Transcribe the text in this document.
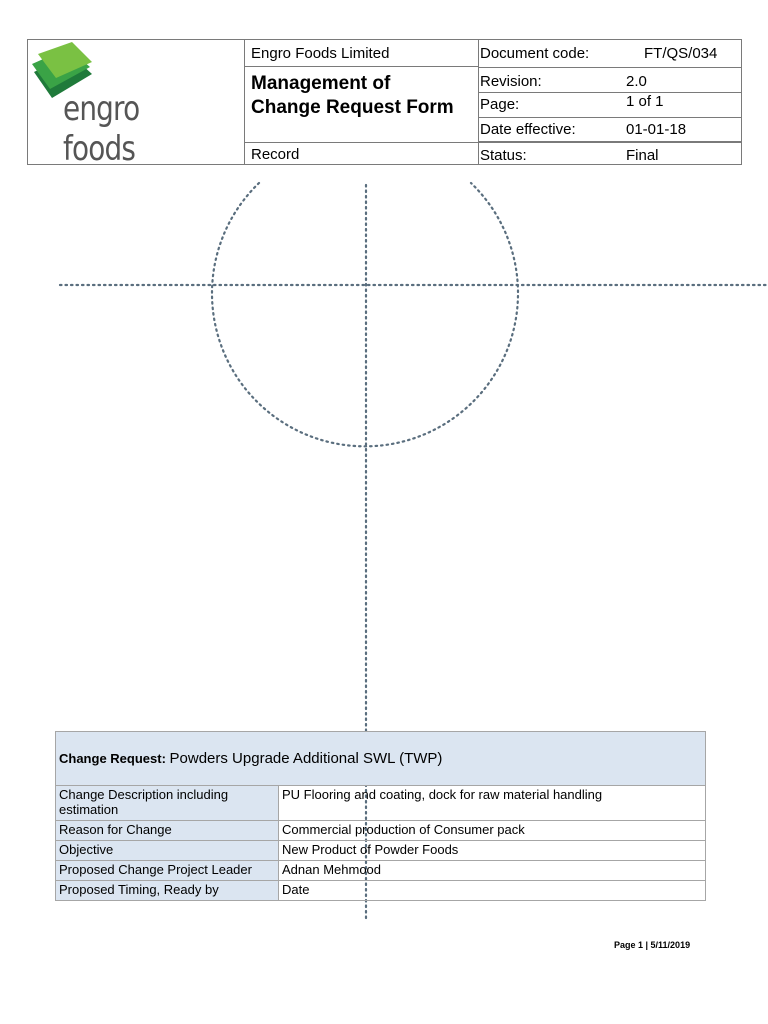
engro foods
Engro Foods Limited
Management of
Change Request Form
Record
Document code:	FT/QS/034
Revision:	2.0
Page:	1 of 1
Date effective:	01-01-18
Status:	Final
Change Request: Powders Upgrade Additional SWL (TWP)	
Change Description including estimation	PU Flooring and coating, dock for raw material handling
Reason for Change	Commercial production of Consumer pack
Objective	New Product of Powder Foods
Proposed Change Project Leader	Adnan Mehmood
Proposed Timing, Ready by	Date
Page 1 | 5/11/2019
